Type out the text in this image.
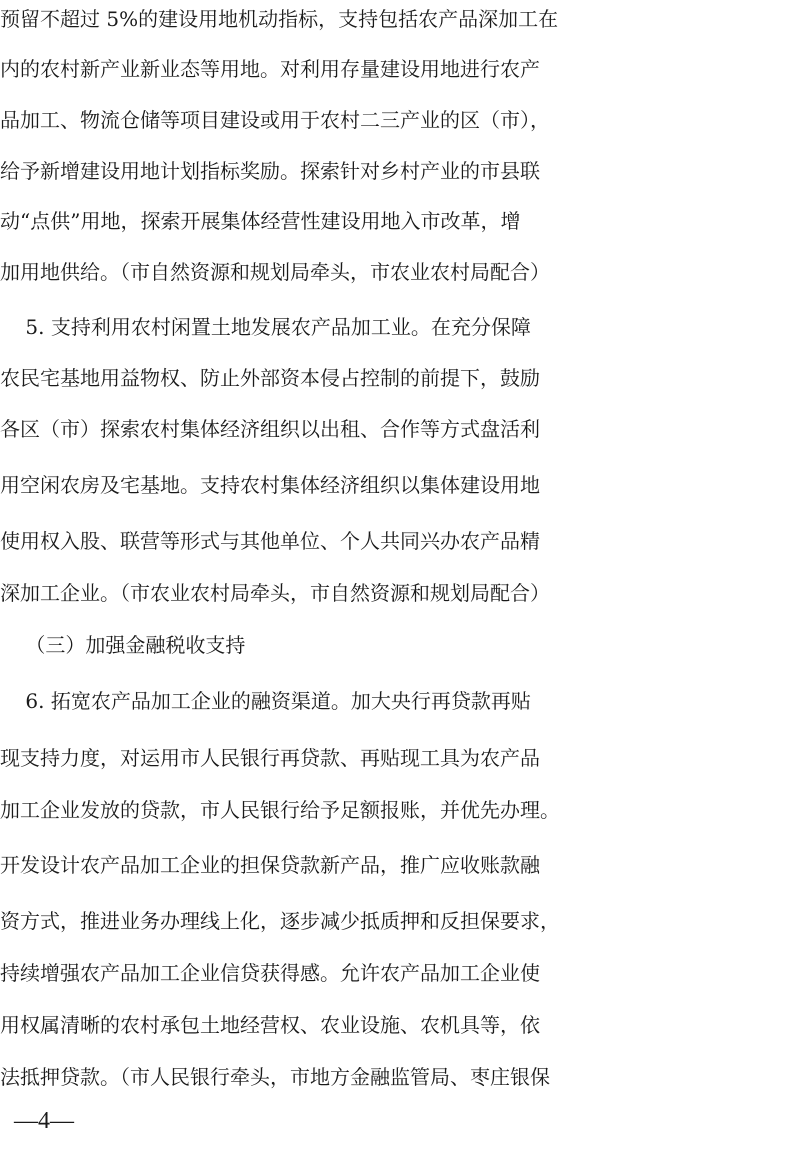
预留不超过 5%的建设用地机动指标，支持包括农产品深加工在
内的农村新产业新业态等用地。对利用存量建设用地进行农产
品加工、物流仓储等项目建设或用于农村二三产业的区（市），
给予新增建设用地计划指标奖励。探索针对乡村产业的市县联
动“点供”用地，探索开展集体经营性建设用地入市改革，增
加用地供给。（市自然资源和规划局牵头，市农业农村局配合）
5. 支持利用农村闲置土地发展农产品加工业。在充分保障
农民宅基地用益物权、防止外部资本侵占控制的前提下，鼓励
各区（市）探索农村集体经济组织以出租、合作等方式盘活利
用空闲农房及宅基地。支持农村集体经济组织以集体建设用地
使用权入股、联营等形式与其他单位、个人共同兴办农产品精
深加工企业。（市农业农村局牵头，市自然资源和规划局配合）
（三）加强金融税收支持
6. 拓宽农产品加工企业的融资渠道。加大央行再贷款再贴
现支持力度，对运用市人民银行再贷款、再贴现工具为农产品
加工企业发放的贷款，市人民银行给予足额报账，并优先办理。
开发设计农产品加工企业的担保贷款新产品，推广应收账款融
资方式，推进业务办理线上化，逐步减少抵质押和反担保要求，
持续增强农产品加工企业信贷获得感。允许农产品加工企业使
用权属清晰的农村承包土地经营权、农业设施、农机具等，依
法抵押贷款。（市人民银行牵头，市地方金融监管局、枣庄银保
—4—
